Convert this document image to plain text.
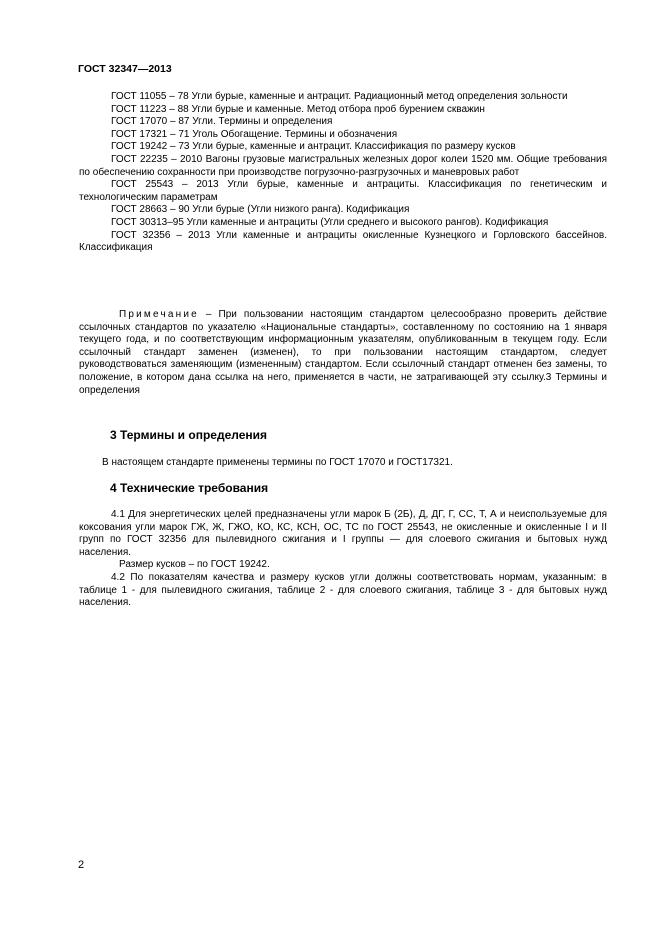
ГОСТ 32347—2013

ГОСТ 11055 – 78 Угли бурые, каменные и антрацит. Радиационный метод определения зольности

ГОСТ 11223 – 88 Угли бурые и каменные. Метод отбора проб бурением скважин

ГОСТ 17070 – 87 Угли. Термины и определения

ГОСТ 17321 – 71 Уголь Обогащение. Термины и обозначения

ГОСТ 19242 – 73 Угли бурые, каменные и антрацит. Классификация по размеру кусков

ГОСТ 22235 – 2010 Вагоны грузовые магистральных железных дорог колеи 1520 мм. Общие требования по обеспечению сохранности при производстве погрузочно-разгрузочных и маневровых работ

ГОСТ 25543 – 2013 Угли бурые, каменные и антрациты. Классификация по генетическим и технологическим параметрам

ГОСТ 28663 – 90 Угли бурые (Угли низкого ранга). Кодификация

ГОСТ 30313–95 Угли каменные и антрациты (Угли среднего и высокого рангов). Кодификация

ГОСТ 32356 – 2013 Угли каменные и антрациты окисленные Кузнецкого и Горловского бассейнов. Классификация

Примечание – При пользовании настоящим стандартом целесообразно проверить действие ссылочных стандартов по указателю «Национальные стандарты», составленному по состоянию на 1 января текущего года, и по соответствующим информационным указателям, опубликованным в текущем году. Если ссылочный стандарт заменен (изменен), то при пользовании настоящим стандартом, следует руководствоваться заменяющим (измененным) стандартом. Если ссылочный стандарт отменен без замены, то положение, в котором дана ссылка на него, применяется в части, не затрагивающей эту ссылку.3 Термины и определения

3 Термины и определения

В настоящем стандарте применены термины по ГОСТ 17070 и ГОСТ17321.

4 Технические требования

4.1 Для энергетических целей предназначены угли марок Б (2Б), Д, ДГ, Г, СС, Т, А и неиспользуемые для коксования угли марок ГЖ, Ж, ГЖО, КО, КС, КСН, ОС, ТС по ГОСТ 25543, не окисленные и окисленные I и II групп по ГОСТ 32356 для пылевидного сжигания и I группы — для слоевого сжигания и бытовых нужд населения.

Размер кусков – по ГОСТ 19242.

4.2 По показателям качества и размеру кусков угли должны соответствовать нормам, указанным: в таблице 1 - для пылевидного сжигания, таблице 2 - для слоевого сжигания, таблице 3 - для бытовых нужд населения.

2
